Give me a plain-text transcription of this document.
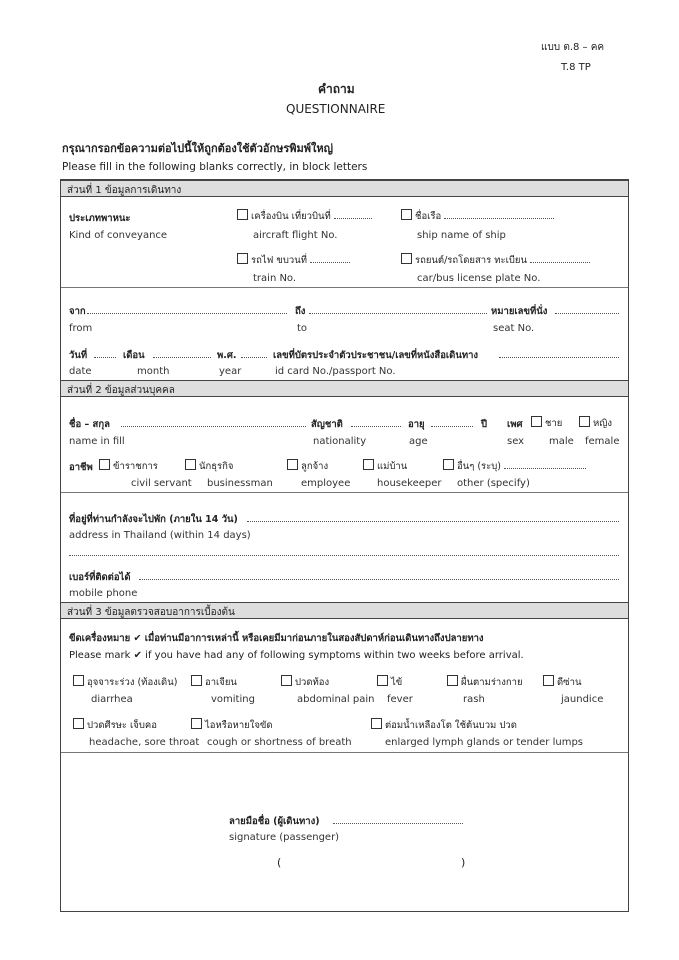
แบบ ต.8 – คค
T.8 TP
คำถาม
QUESTIONNAIRE
กรุณากรอกข้อความต่อไปนี้ให้ถูกต้องใช้ตัวอักษรพิมพ์ใหญ่
Please fill in the following blanks correctly, in block letters
ส่วนที่ 1 ข้อมูลการเดินทาง
ประเภทพาหนะ
Kind of conveyance
เครื่องบิน เที่ยวบินที่
aircraft flight No.
ชื่อเรือ
ship name of ship
รถไฟ ขบวนที่
train No.
รถยนต์/รถโดยสาร ทะเบียน
car/bus license plate No.
จาก	ถึง	หมายเลขที่นั่ง
from	to	seat No.
วันที่	เดือน	พ.ศ.	เลขที่บัตรประจำตัวประชาชน/เลขที่หนังสือเดินทาง
date	month	year	id card No./passport No.
ส่วนที่ 2 ข้อมูลส่วนบุคคล
ชื่อ – สกุล	สัญชาติ	อายุ	ปี เพศ	ชาย	หญิง
name in fill	nationality	age	sex male female
อาชีพ	ข้าราชการ	นักธุรกิจ	ลูกจ้าง	แม่บ้าน	อื่นๆ (ระบุ)
civil servant businessman	employee	housekeeper other (specify)
ที่อยู่ที่ท่านกำลังจะไปพัก (ภายใน 14 วัน)
address in Thailand (within 14 days)
เบอร์ที่ติดต่อได้
mobile phone
ส่วนที่ 3 ข้อมูลตรวจสอบอาการเบื้องต้น
ขีดเครื่องหมาย ✔ เมื่อท่านมีอาการเหล่านี้ หรือเคยมีมาก่อนภายในสองสัปดาห์ก่อนเดินทางถึงปลายทาง
Please mark ✔ if you have had any of following symptoms within two weeks before arrival.
อุจจาระร่วง (ท้องเดิน)	อาเจียน	ปวดท้อง	ไข้	ผื่นตามร่างกาย	ดีซ่าน
diarrhea	vomiting	abdominal pain fever	rash	jaundice
ปวดศีรษะ เจ็บคอ	ไอหรือหายใจขัด	ต่อมน้ำเหลืองโต ใช้ต้นบวม ปวด
headache, sore throat cough or shortness of breath	enlarged lymph glands or tender lumps
ลายมือชื่อ (ผู้เดินทาง)
signature (passenger)
(	)
